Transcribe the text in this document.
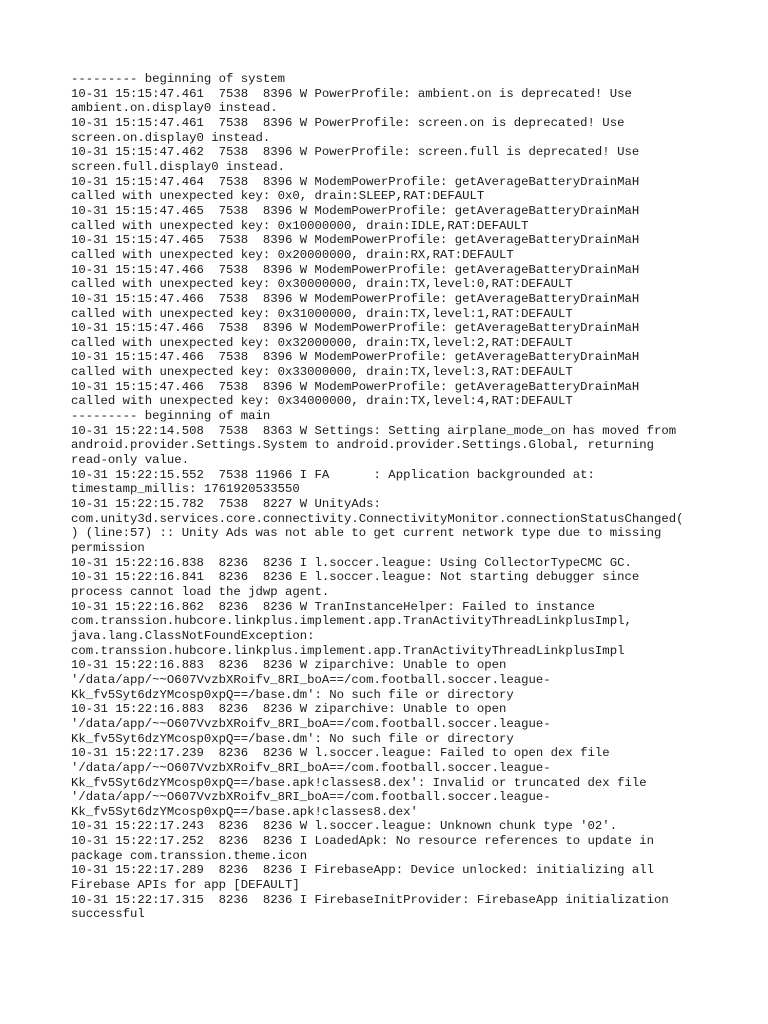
--------- beginning of system
10-31 15:15:47.461  7538  8396 W PowerProfile: ambient.on is deprecated! Use
ambient.on.display0 instead.
10-31 15:15:47.461  7538  8396 W PowerProfile: screen.on is deprecated! Use
screen.on.display0 instead.
10-31 15:15:47.462  7538  8396 W PowerProfile: screen.full is deprecated! Use
screen.full.display0 instead.
10-31 15:15:47.464  7538  8396 W ModemPowerProfile: getAverageBatteryDrainMaH
called with unexpected key: 0x0, drain:SLEEP,RAT:DEFAULT
10-31 15:15:47.465  7538  8396 W ModemPowerProfile: getAverageBatteryDrainMaH
called with unexpected key: 0x10000000, drain:IDLE,RAT:DEFAULT
10-31 15:15:47.465  7538  8396 W ModemPowerProfile: getAverageBatteryDrainMaH
called with unexpected key: 0x20000000, drain:RX,RAT:DEFAULT
10-31 15:15:47.466  7538  8396 W ModemPowerProfile: getAverageBatteryDrainMaH
called with unexpected key: 0x30000000, drain:TX,level:0,RAT:DEFAULT
10-31 15:15:47.466  7538  8396 W ModemPowerProfile: getAverageBatteryDrainMaH
called with unexpected key: 0x31000000, drain:TX,level:1,RAT:DEFAULT
10-31 15:15:47.466  7538  8396 W ModemPowerProfile: getAverageBatteryDrainMaH
called with unexpected key: 0x32000000, drain:TX,level:2,RAT:DEFAULT
10-31 15:15:47.466  7538  8396 W ModemPowerProfile: getAverageBatteryDrainMaH
called with unexpected key: 0x33000000, drain:TX,level:3,RAT:DEFAULT
10-31 15:15:47.466  7538  8396 W ModemPowerProfile: getAverageBatteryDrainMaH
called with unexpected key: 0x34000000, drain:TX,level:4,RAT:DEFAULT
--------- beginning of main
10-31 15:22:14.508  7538  8363 W Settings: Setting airplane_mode_on has moved from
android.provider.Settings.System to android.provider.Settings.Global, returning
read-only value.
10-31 15:22:15.552  7538 11966 I FA      : Application backgrounded at:
timestamp_millis: 1761920533550
10-31 15:22:15.782  7538  8227 W UnityAds:
com.unity3d.services.core.connectivity.ConnectivityMonitor.connectionStatusChanged(
) (line:57) :: Unity Ads was not able to get current network type due to missing
permission
10-31 15:22:16.838  8236  8236 I l.soccer.league: Using CollectorTypeCMC GC.
10-31 15:22:16.841  8236  8236 E l.soccer.league: Not starting debugger since
process cannot load the jdwp agent.
10-31 15:22:16.862  8236  8236 W TranInstanceHelper: Failed to instance
com.transsion.hubcore.linkplus.implement.app.TranActivityThreadLinkplusImpl,
java.lang.ClassNotFoundException:
com.transsion.hubcore.linkplus.implement.app.TranActivityThreadLinkplusImpl
10-31 15:22:16.883  8236  8236 W ziparchive: Unable to open
'/data/app/~~O607VvzbXRoifv_8RI_boA==/com.football.soccer.league-
Kk_fv5Syt6dzYMcosp0xpQ==/base.dm': No such file or directory
10-31 15:22:16.883  8236  8236 W ziparchive: Unable to open
'/data/app/~~O607VvzbXRoifv_8RI_boA==/com.football.soccer.league-
Kk_fv5Syt6dzYMcosp0xpQ==/base.dm': No such file or directory
10-31 15:22:17.239  8236  8236 W l.soccer.league: Failed to open dex file
'/data/app/~~O607VvzbXRoifv_8RI_boA==/com.football.soccer.league-
Kk_fv5Syt6dzYMcosp0xpQ==/base.apk!classes8.dex': Invalid or truncated dex file
'/data/app/~~O607VvzbXRoifv_8RI_boA==/com.football.soccer.league-
Kk_fv5Syt6dzYMcosp0xpQ==/base.apk!classes8.dex'
10-31 15:22:17.243  8236  8236 W l.soccer.league: Unknown chunk type '02'.
10-31 15:22:17.252  8236  8236 I LoadedApk: No resource references to update in
package com.transsion.theme.icon
10-31 15:22:17.289  8236  8236 I FirebaseApp: Device unlocked: initializing all
Firebase APIs for app [DEFAULT]
10-31 15:22:17.315  8236  8236 I FirebaseInitProvider: FirebaseApp initialization
successful
